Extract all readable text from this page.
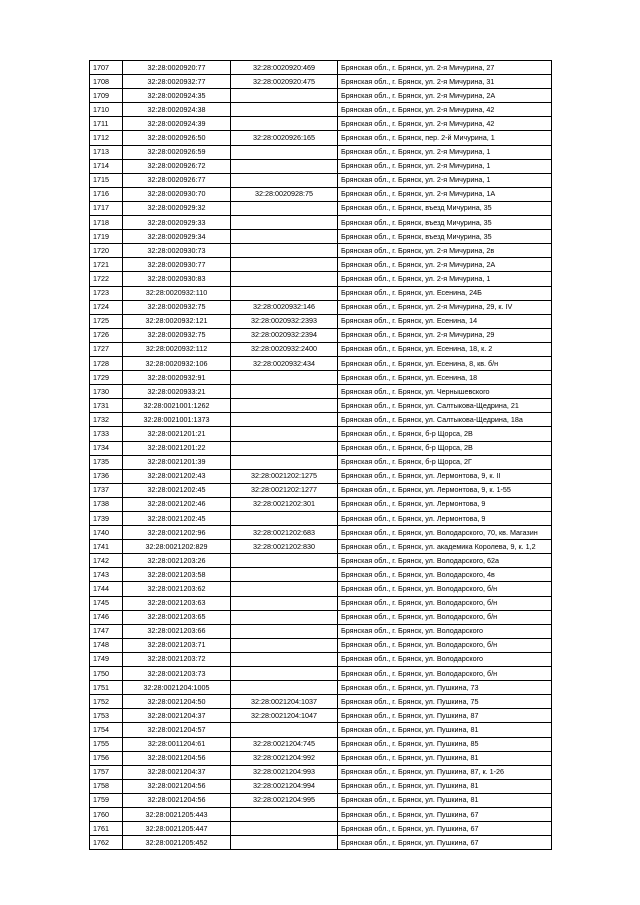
1707	32:28:0020920:77	32:28:0020920:469	Брянская обл., г. Брянск, ул. 2-я Мичурина, 27
1708	32:28:0020932:77	32:28:0020920:475	Брянская обл., г. Брянск, ул. 2-я Мичурина, 31
1709	32:28:0020924:35		Брянская обл., г. Брянск, ул. 2-я Мичурина, 2А
1710	32:28:0020924:38		Брянская обл., г. Брянск, ул. 2-я Мичурина, 42
1711	32:28:0020924:39		Брянская обл., г. Брянск, ул. 2-я Мичурина, 42
1712	32:28:0020926:50	32:28:0020926:165	Брянская обл., г. Брянск, пер. 2-й Мичурина, 1
1713	32:28:0020926:59		Брянская обл., г. Брянск, ул. 2-я Мичурина, 1
1714	32:28:0020926:72		Брянская обл., г. Брянск, ул. 2-я Мичурина, 1
1715	32:28:0020926:77		Брянская обл., г. Брянск, ул. 2-я Мичурина, 1
1716	32:28:0020930:70	32:28:0020928:75	Брянская обл., г. Брянск, ул. 2-я Мичурина, 1А
1717	32:28:0020929:32		Брянская обл., г. Брянск, въезд Мичурина, 35
1718	32:28:0020929:33		Брянская обл., г. Брянск, въезд Мичурина, 35
1719	32:28:0020929:34		Брянская обл., г. Брянск, въезд Мичурина, 35
1720	32:28:0020930:73		Брянская обл., г. Брянск, ул. 2-я Мичурина, 2в
1721	32:28:0020930:77		Брянская обл., г. Брянск, ул. 2-я Мичурина, 2А
1722	32:28:0020930:83		Брянская обл., г. Брянск, ул. 2-я Мичурина, 1
1723	32:28:0020932:110		Брянская обл., г. Брянск, ул. Есенина, 24Б
1724	32:28:0020932:75	32:28:0020932:146	Брянская обл., г. Брянск, ул. 2-я Мичурина, 29, к. IV
1725	32:28:0020932:121	32:28:0020932:2393	Брянская обл., г. Брянск, ул. Есенина, 14
1726	32:28:0020932:75	32:28:0020932:2394	Брянская обл., г. Брянск, ул. 2-я Мичурина, 29
1727	32:28:0020932:112	32:28:0020932:2400	Брянская обл., г. Брянск, ул. Есенина, 18, к. 2
1728	32:28:0020932:106	32:28:0020932:434	Брянская обл., г. Брянск, ул. Есенина, 8, кв. б/н
1729	32:28:0020932:91		Брянская обл., г. Брянск, ул. Есенина, 18
1730	32:28:0020933:21		Брянская обл., г. Брянск, ул. Чернышевского
1731	32:28:0021001:1262		Брянская обл., г. Брянск, ул. Салтыкова-Щедрина, 21
1732	32:28:0021001:1373		Брянская обл., г. Брянск, ул. Салтыкова-Щедрина, 18а
1733	32:28:0021201:21		Брянская обл., г. Брянск, б-р Щорса, 2В
1734	32:28:0021201:22		Брянская обл., г. Брянск, б-р Щорса, 2В
1735	32:28:0021201:39		Брянская обл., г. Брянск, б-р Щорса, 2Г
1736	32:28:0021202:43	32:28:0021202:1275	Брянская обл., г. Брянск, ул. Лермонтова, 9, к. II
1737	32:28:0021202:45	32:28:0021202:1277	Брянская обл., г. Брянск, ул. Лермонтова, 9, к. 1-55
1738	32:28:0021202:46	32:28:0021202:301	Брянская обл., г. Брянск, ул. Лермонтова, 9
1739	32:28:0021202:45		Брянская обл., г. Брянск, ул. Лермонтова, 9
1740	32:28:0021202:96	32:28:0021202:683	Брянская обл., г. Брянск, ул. Володарского, 70, кв. Магазин
1741	32:28:0021202:829	32:28:0021202:830	Брянская обл., г. Брянск, ул. академика Королева, 9, к. 1,2
1742	32:28:0021203:26		Брянская обл., г. Брянск, ул. Володарского, 62а
1743	32:28:0021203:58		Брянская обл., г. Брянск, ул. Володарского, 4в
1744	32:28:0021203:62		Брянская обл., г. Брянск, ул. Володарского, б/н
1745	32:28:0021203:63		Брянская обл., г. Брянск, ул. Володарского, б/н
1746	32:28:0021203:65		Брянская обл., г. Брянск, ул. Володарского, б/н
1747	32:28:0021203:66		Брянская обл., г. Брянск, ул. Володарского
1748	32:28:0021203:71		Брянская обл., г. Брянск, ул. Володарского, б/н
1749	32:28:0021203:72		Брянская обл., г. Брянск, ул. Володарского
1750	32:28:0021203:73		Брянская обл., г. Брянск, ул. Володарского, б/н
1751	32:28:0021204:1005		Брянская обл., г. Брянск, ул. Пушкина, 73
1752	32:28:0021204:50	32:28:0021204:1037	Брянская обл., г. Брянск, ул. Пушкина, 75
1753	32:28:0021204:37	32:28:0021204:1047	Брянская обл., г. Брянск, ул. Пушкина, 87
1754	32:28:0021204:57		Брянская обл., г. Брянск, ул. Пушкина, 81
1755	32:28:0011204:61	32:28:0021204:745	Брянская обл., г. Брянск, ул. Пушкина, 85
1756	32:28:0021204:56	32:28:0021204:992	Брянская обл., г. Брянск, ул. Пушкина, 81
1757	32:28:0021204:37	32:28:0021204:993	Брянская обл., г. Брянск, ул. Пушкина, 87, к. 1-26
1758	32:28:0021204:56	32:28:0021204:994	Брянская обл., г. Брянск, ул. Пушкина, 81
1759	32:28:0021204:56	32:28:0021204:995	Брянская обл., г. Брянск, ул. Пушкина, 81
1760	32:28:0021205:443		Брянская обл., г. Брянск, ул. Пушкина, 67
1761	32:28:0021205:447		Брянская обл., г. Брянск, ул. Пушкина, 67
1762	32:28:0021205:452		Брянская обл., г. Брянск, ул. Пушкина, 67
